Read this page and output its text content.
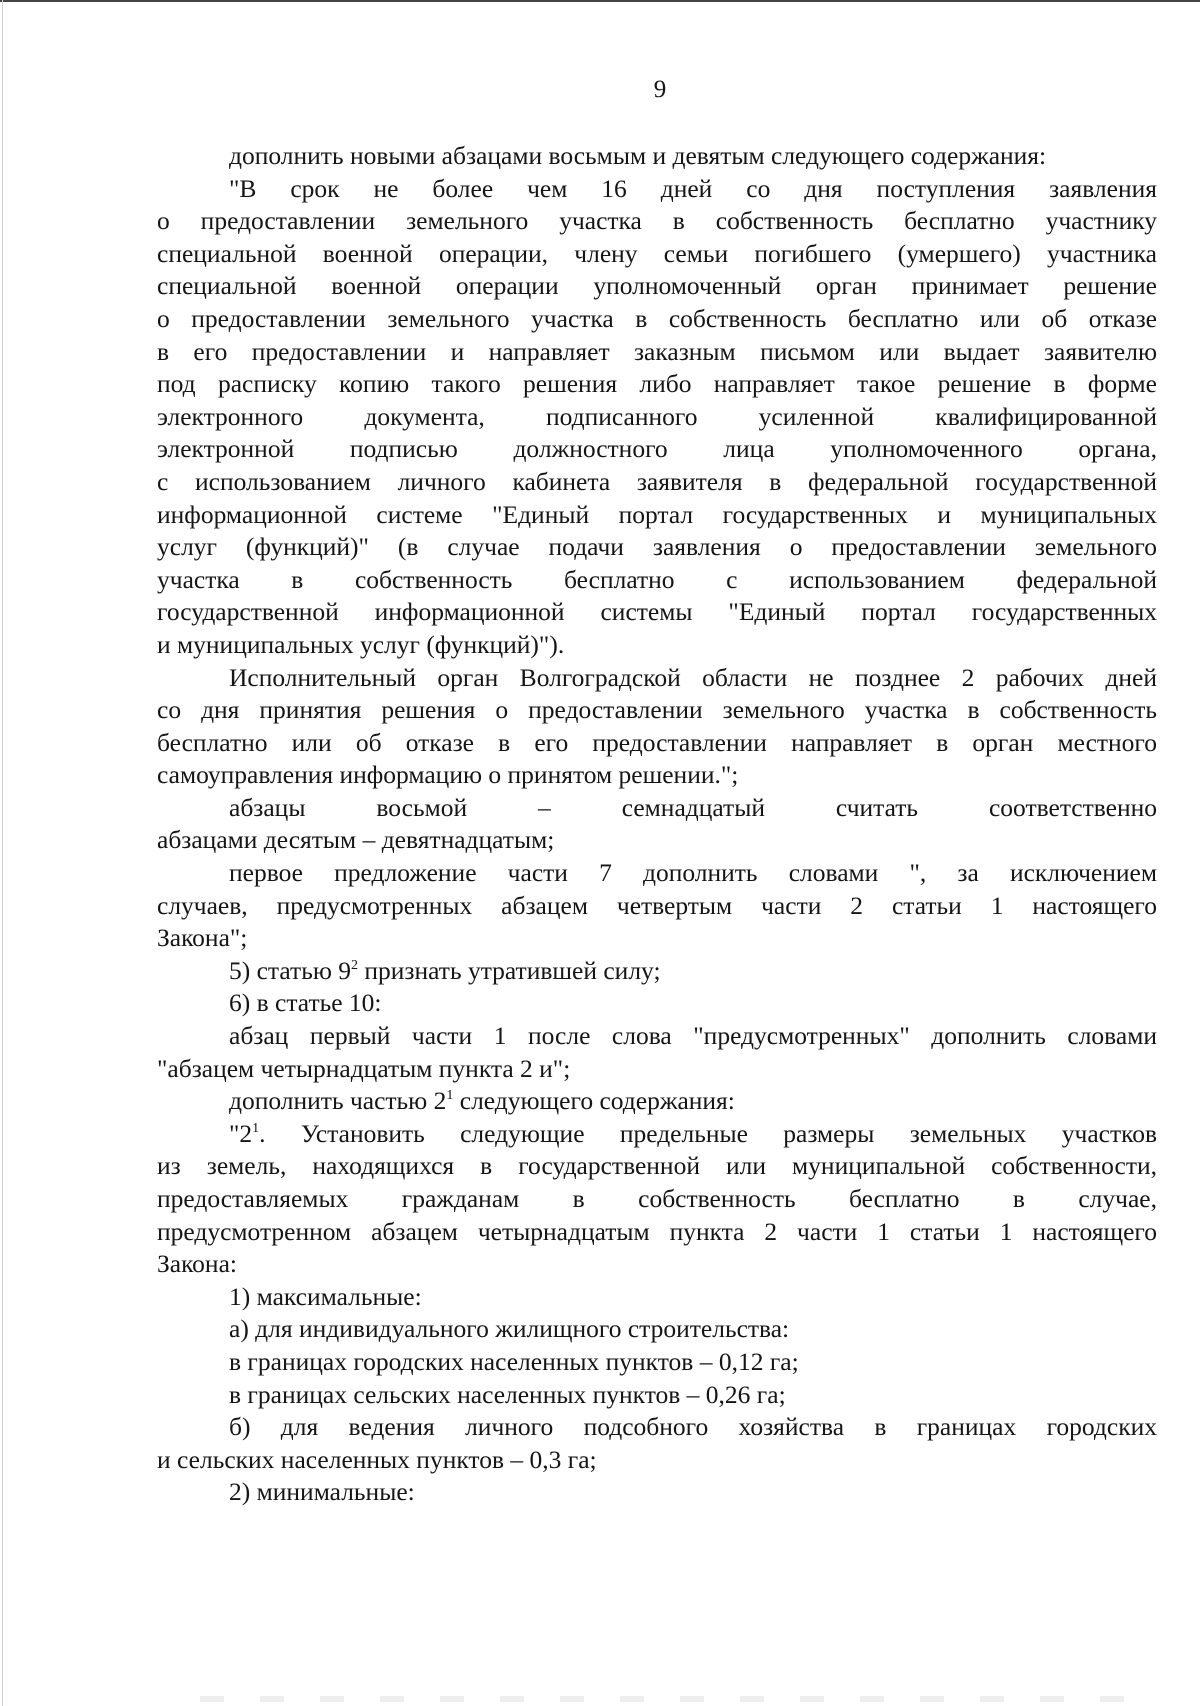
9
дополнить новыми абзацами восьмым и девятым следующего содержания:
"В срок не более чем 16 дней со дня поступления заявления
о предоставлении земельного участка в собственность бесплатно участнику
специальной военной операции, члену семьи погибшего (умершего) участника
специальной военной операции уполномоченный орган принимает решение
о предоставлении земельного участка в собственность бесплатно или об отказе
в его предоставлении и направляет заказным письмом или выдает заявителю
под расписку копию такого решения либо направляет такое решение в форме
электронного документа, подписанного усиленной квалифицированной
электронной подписью должностного лица уполномоченного органа,
с использованием личного кабинета заявителя в федеральной государственной
информационной системе "Единый портал государственных и муниципальных
услуг (функций)" (в случае подачи заявления о предоставлении земельного
участка в собственность бесплатно с использованием федеральной
государственной информационной системы "Единый портал государственных
и муниципальных услуг (функций)").
Исполнительный орган Волгоградской области не позднее 2 рабочих дней
со дня принятия решения о предоставлении земельного участка в собственность
бесплатно или об отказе в его предоставлении направляет в орган местного
самоуправления информацию о принятом решении.";
абзацы восьмой – семнадцатый считать соответственно
абзацами десятым – девятнадцатым;
первое предложение части 7 дополнить словами ", за исключением
случаев, предусмотренных абзацем четвертым части 2 статьи 1 настоящего
Закона";
5) статью $9^2$ признать утратившей силу;
6) в статье 10:
абзац первый части 1 после слова "предусмотренных" дополнить словами
"абзацем четырнадцатым пункта 2 и";
дополнить частью $2^1$ следующего содержания:
"$2^1$. Установить следующие предельные размеры земельных участков
из земель, находящихся в государственной или муниципальной собственности,
предоставляемых гражданам в собственность бесплатно в случае,
предусмотренном абзацем четырнадцатым пункта 2 части 1 статьи 1 настоящего
Закона:
1) максимальные:
а) для индивидуального жилищного строительства:
в границах городских населенных пунктов – 0,12 га;
в границах сельских населенных пунктов – 0,26 га;
б) для ведения личного подсобного хозяйства в границах городских
и сельских населенных пунктов – 0,3 га;
2) минимальные:
